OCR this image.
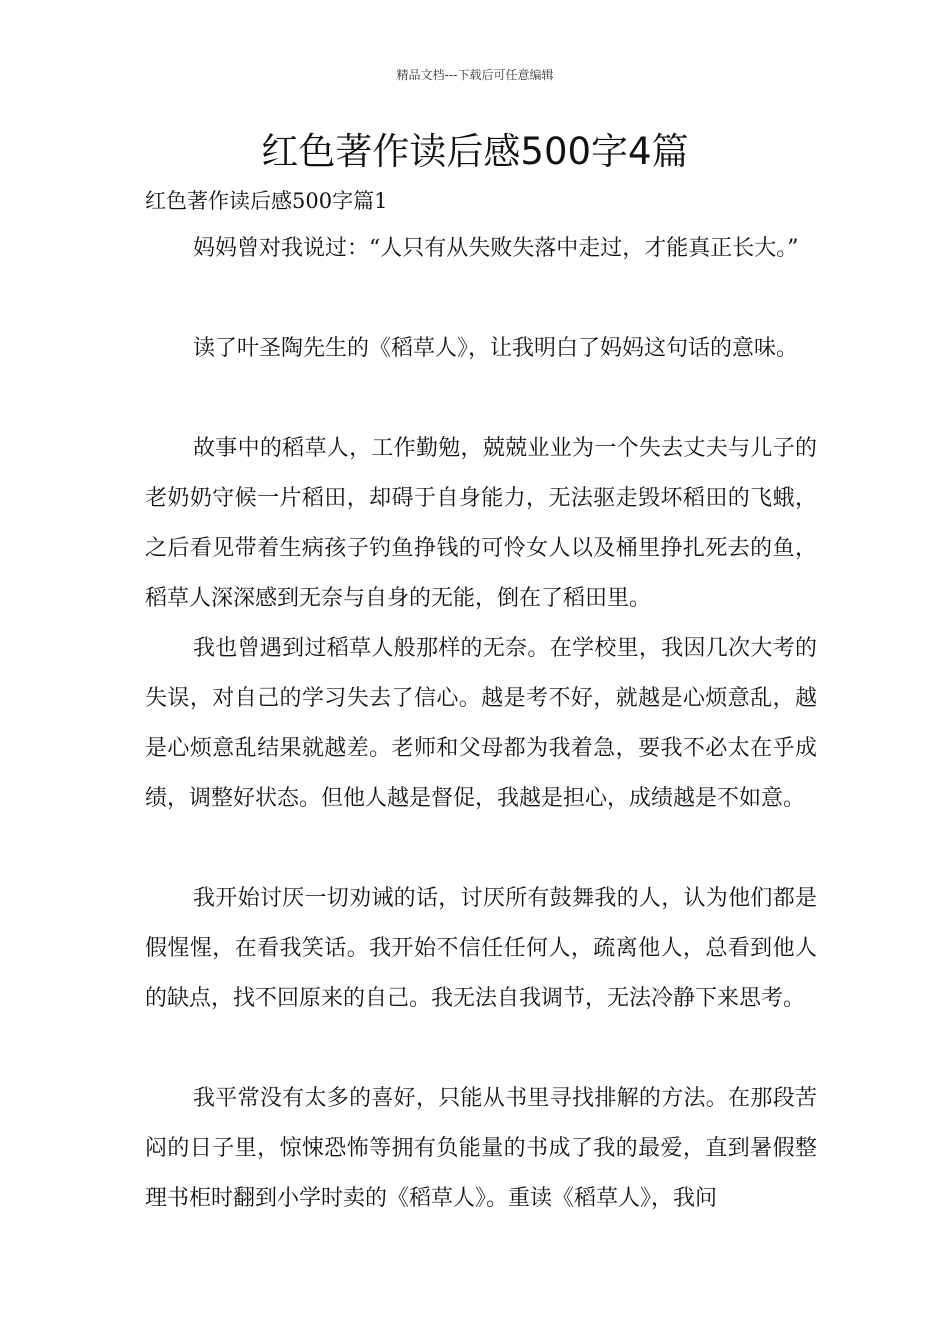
精品文档---下载后可任意编辑
红色著作读后感500字4篇
红色著作读后感500字篇1

妈妈曾对我说过：“人只有从失败失落中走过，才能真正长大。”

读了叶圣陶先生的《稻草人》，让我明白了妈妈这句话的意味。

故事中的稻草人，工作勤勉，兢兢业业为一个失去丈夫与儿子的老奶奶守候一片稻田，却碍于自身能力，无法驱走毁坏稻田的飞蛾，之后看见带着生病孩子钓鱼挣钱的可怜女人以及桶里挣扎死去的鱼，稻草人深深感到无奈与自身的无能，倒在了稻田里。

我也曾遇到过稻草人般那样的无奈。在学校里，我因几次大考的失误，对自己的学习失去了信心。越是考不好，就越是心烦意乱，越是心烦意乱结果就越差。老师和父母都为我着急，要我不必太在乎成绩，调整好状态。但他人越是督促，我越是担心，成绩越是不如意。

我开始讨厌一切劝诫的话，讨厌所有鼓舞我的人，认为他们都是假惺惺，在看我笑话。我开始不信任任何人，疏离他人，总看到他人的缺点，找不回原来的自己。我无法自我调节，无法冷静下来思考。

我平常没有太多的喜好，只能从书里寻找排解的方法。在那段苦闷的日子里，惊悚恐怖等拥有负能量的书成了我的最爱，直到暑假整理书柜时翻到小学时卖的《稻草人》。重读《稻草人》，我问
